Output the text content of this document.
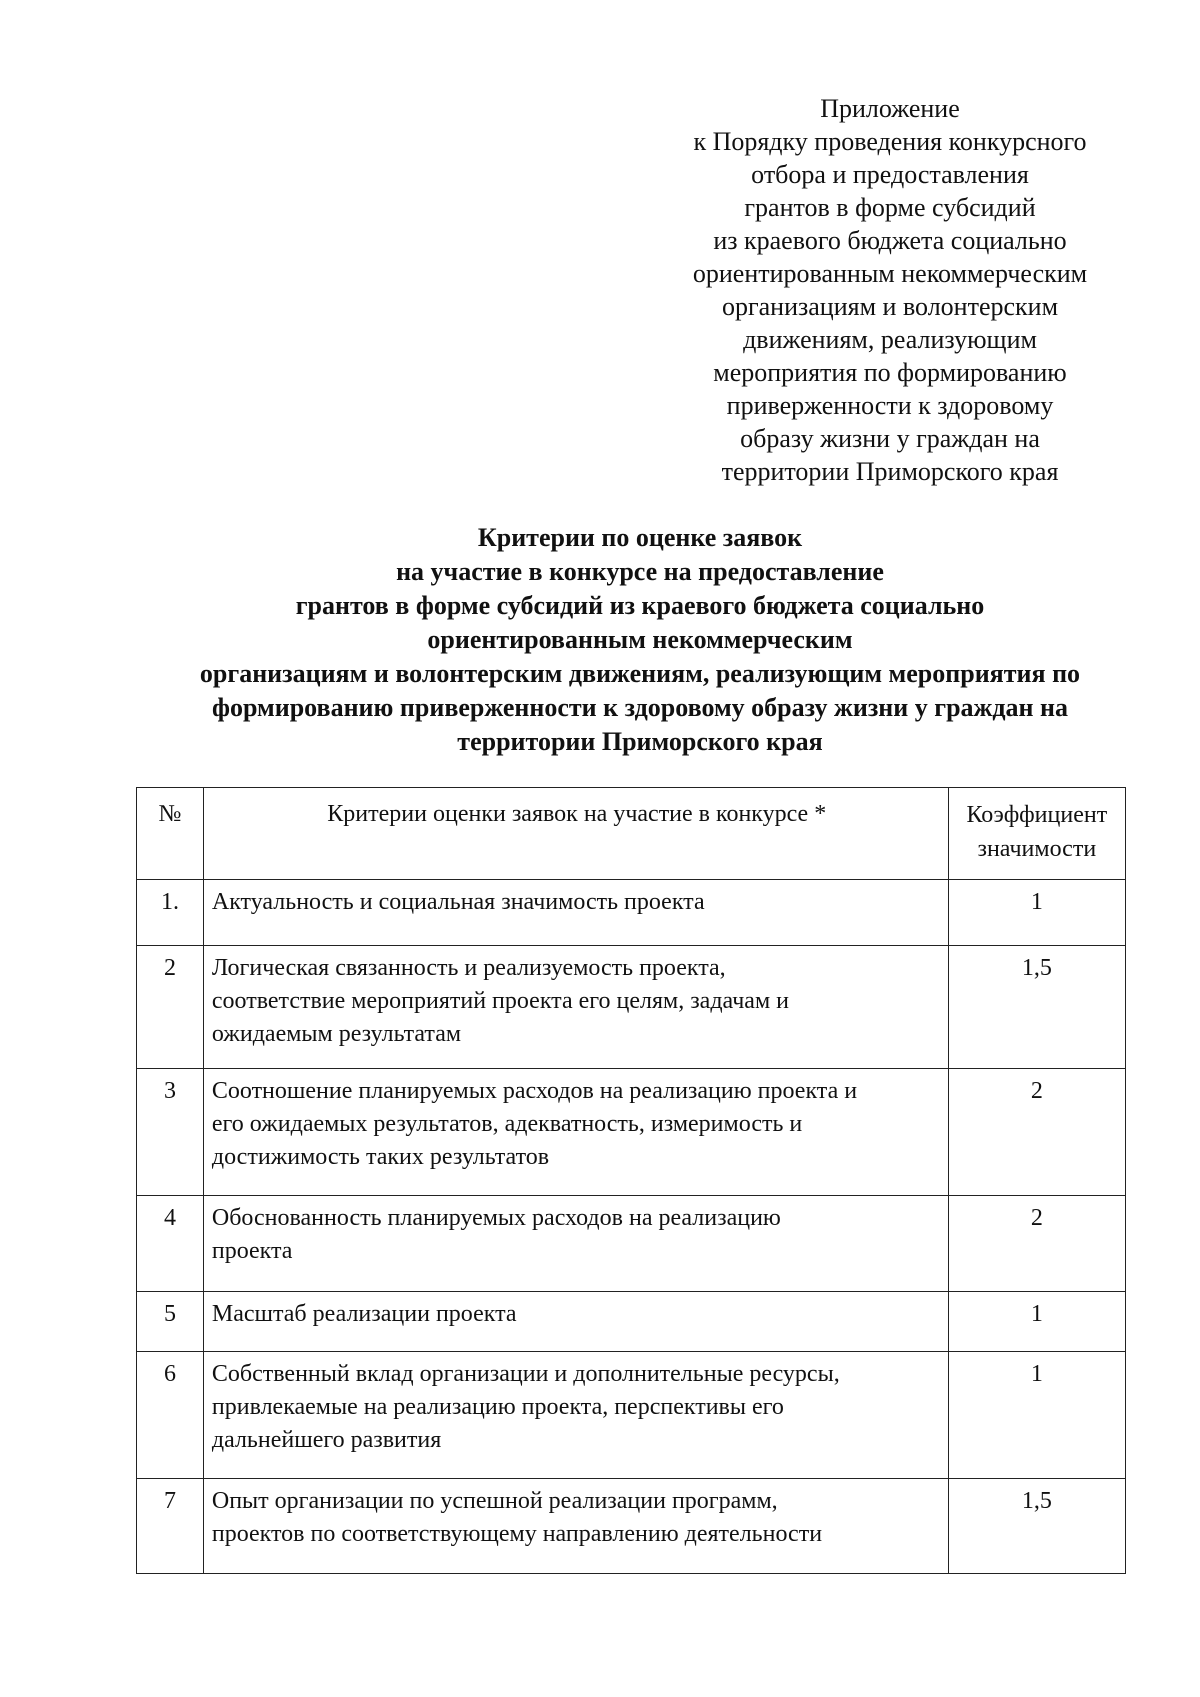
Приложение
к Порядку проведения конкурсного
отбора и предоставления
грантов в форме субсидий
из краевого бюджета социально
ориентированным некоммерческим
организациям и волонтерским
движениям, реализующим
мероприятия по формированию
приверженности к здоровому
образу жизни у граждан на
территории Приморского края
Критерии по оценке заявок
на участие в конкурсе на предоставление
грантов в форме субсидий из краевого бюджета социально
ориентированным некоммерческим
организациям и волонтерским движениям, реализующим мероприятия по
формированию приверженности к здоровому образу жизни у граждан на
территории Приморского края
№	Критерии оценки заявок на участие в конкурсе *	Коэффициент
значимости

1.	Актуальность и социальная значимость проекта	1
2	Логическая связанность и реализуемость проекта,
соответствие мероприятий проекта его целям, задачам и
ожидаемым результатам	1,5
3	Соотношение планируемых расходов на реализацию проекта и
его ожидаемых результатов, адекватность, измеримость и
достижимость таких результатов	2
4	Обоснованность планируемых расходов на реализацию
проекта	2
5	Масштаб реализации проекта	1
6	Собственный вклад организации и дополнительные ресурсы,
привлекаемые на реализацию проекта, перспективы его
дальнейшего развития	1
7	Опыт организации по успешной реализации программ,
проектов по соответствующему направлению деятельности	1,5
